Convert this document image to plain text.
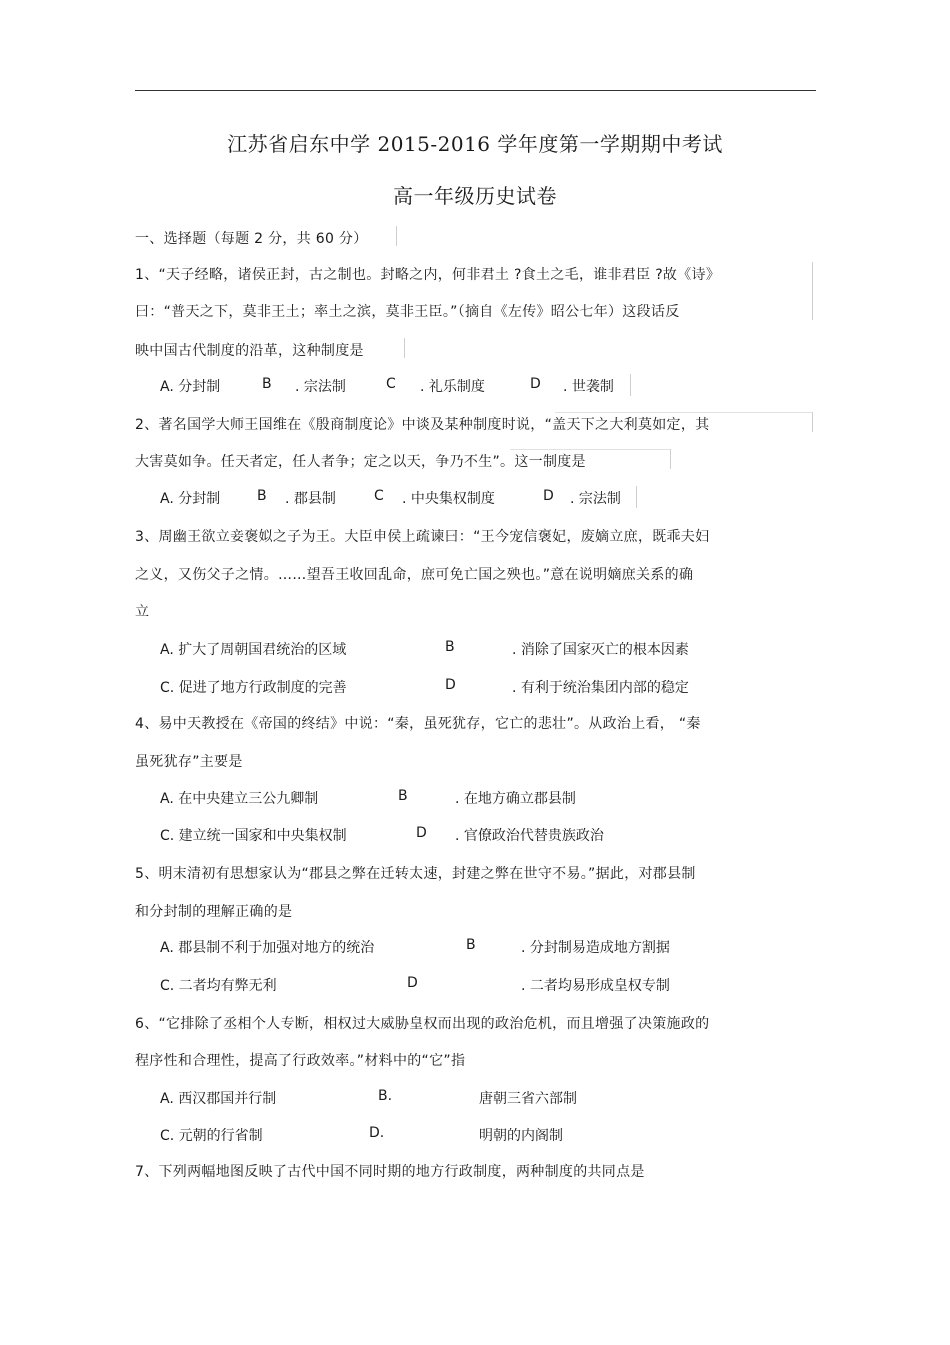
江苏省启东中学 2015-2016 学年度第一学期期中考试
高一年级历史试卷
一、选择题（每题 2 分，共 60 分）
1、“天子经略，诸侯正封，古之制也。封略之内，何非君土 ?食土之毛，谁非君臣 ?故《诗》
曰：“普天之下，莫非王土；率土之滨，莫非王臣。”（摘自《左传》昭公七年）这段话反
映中国古代制度的沿革，这种制度是
A. 分封制	B . 宗法制	C . 礼乐制度	D . 世袭制
2、著名国学大师王国维在《殷商制度论》中谈及某种制度时说，“盖天下之大利莫如定，其
大害莫如争。任天者定，任人者争；定之以天，争乃不生”。这一制度是
A. 分封制	B . 郡县制	C . 中央集权制度	D . 宗法制
3、周幽王欲立妾褒姒之子为王。大臣申侯上疏谏曰：“王今宠信褒妃，废嫡立庶，既乖夫妇
之义，又伤父子之情。……望吾王收回乱命，庶可免亡国之殃也。”意在说明嫡庶关系的确
立
A. 扩大了周朝国君统治的区域	B	. 消除了国家灭亡的根本因素
C. 促进了地方行政制度的完善	D	. 有利于统治集团内部的稳定
4、易中天教授在《帝国的终结》中说：“秦，虽死犹存，它亡的悲壮”。从政治上看， “秦
虽死犹存”主要是
A. 在中央建立三公九卿制	B	. 在地方确立郡县制
C. 建立统一国家和中央集权制	D . 官僚政治代替贵族政治
5、明末清初有思想家认为“郡县之弊在迁转太速，封建之弊在世守不易。”据此，对郡县制
和分封制的理解正确的是
A. 郡县制不利于加强对地方的统治	B	. 分封制易造成地方割据
C. 二者均有弊无利	D	. 二者均易形成皇权专制
6、“它排除了丞相个人专断，相权过大威胁皇权而出现的政治危机，而且增强了决策施政的
程序性和合理性，提高了行政效率。”材料中的“它”指
A. 西汉郡国并行制	B.	唐朝三省六部制
C. 元朝的行省制	D.	明朝的内阁制
7、下列两幅地图反映了古代中国不同时期的地方行政制度，两种制度的共同点是
